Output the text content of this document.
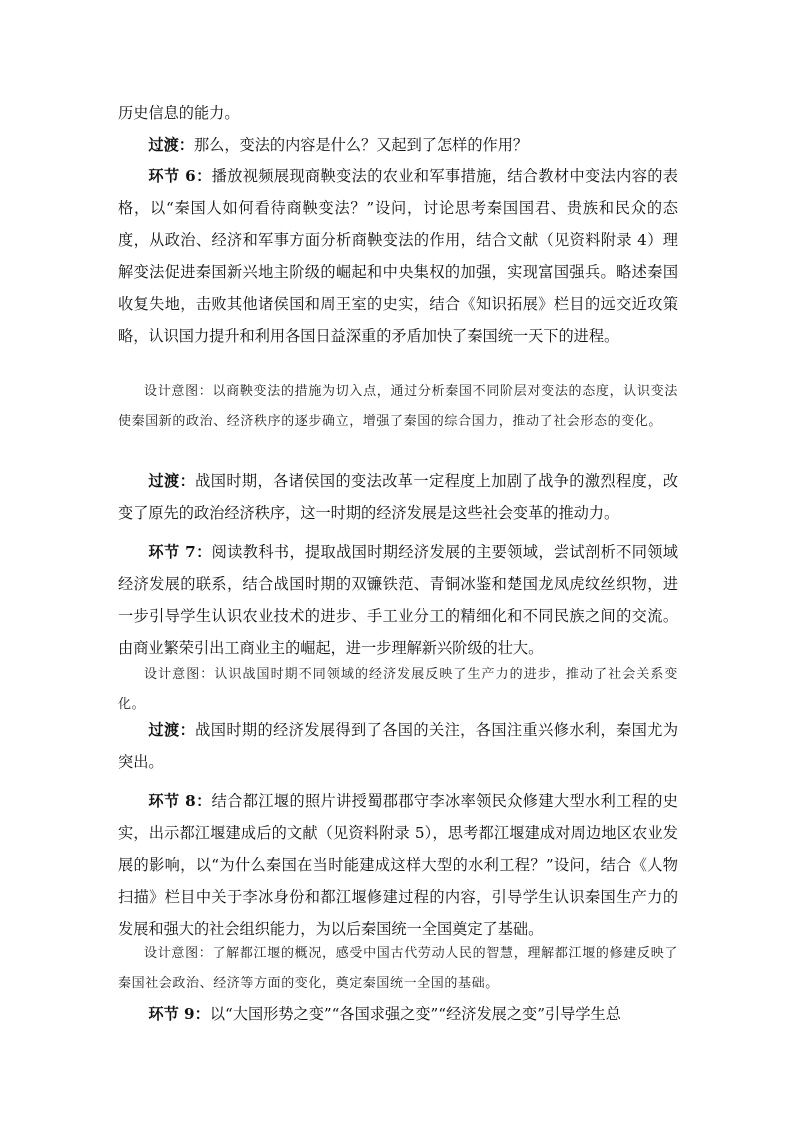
历史信息的能力。

过渡：那么，变法的内容是什么？又起到了怎样的作用？

环节 6：播放视频展现商鞅变法的农业和军事措施，结合教材中变法内容的表格，以“秦国人如何看待商鞅变法？”设问，讨论思考秦国国君、贵族和民众的态度，从政治、经济和军事方面分析商鞅变法的作用，结合文献（见资料附录 4）理解变法促进秦国新兴地主阶级的崛起和中央集权的加强，实现富国强兵。略述秦国收复失地，击败其他诸侯国和周王室的史实，结合《知识拓展》栏目的远交近攻策略，认识国力提升和利用各国日益深重的矛盾加快了秦国统一天下的进程。

设计意图：以商鞅变法的措施为切入点，通过分析秦国不同阶层对变法的态度，认识变法使秦国新的政治、经济秩序的逐步确立，增强了秦国的综合国力，推动了社会形态的变化。

过渡：战国时期，各诸侯国的变法改革一定程度上加剧了战争的激烈程度，改变了原先的政治经济秩序，这一时期的经济发展是这些社会变革的推动力。

环节 7：阅读教科书，提取战国时期经济发展的主要领域，尝试剖析不同领域经济发展的联系，结合战国时期的双镰铁范、青铜冰鉴和楚国龙凤虎纹丝织物，进一步引导学生认识农业技术的进步、手工业分工的精细化和不同民族之间的交流。由商业繁荣引出工商业主的崛起，进一步理解新兴阶级的壮大。

设计意图：认识战国时期不同领域的经济发展反映了生产力的进步，推动了社会关系变化。

过渡：战国时期的经济发展得到了各国的关注，各国注重兴修水利，秦国尤为突出。

环节 8：结合都江堰的照片讲授蜀郡郡守李冰率领民众修建大型水利工程的史实，出示都江堰建成后的文献（见资料附录 5），思考都江堰建成对周边地区农业发展的影响，以“为什么秦国在当时能建成这样大型的水利工程？”设问，结合《人物扫描》栏目中关于李冰身份和都江堰修建过程的内容，引导学生认识秦国生产力的发展和强大的社会组织能力，为以后秦国统一全国奠定了基础。

设计意图：了解都江堰的概况，感受中国古代劳动人民的智慧，理解都江堰的修建反映了秦国社会政治、经济等方面的变化，奠定秦国统一全国的基础。

环节 9：以“大国形势之变”“各国求强之变”“经济发展之变”引导学生总
